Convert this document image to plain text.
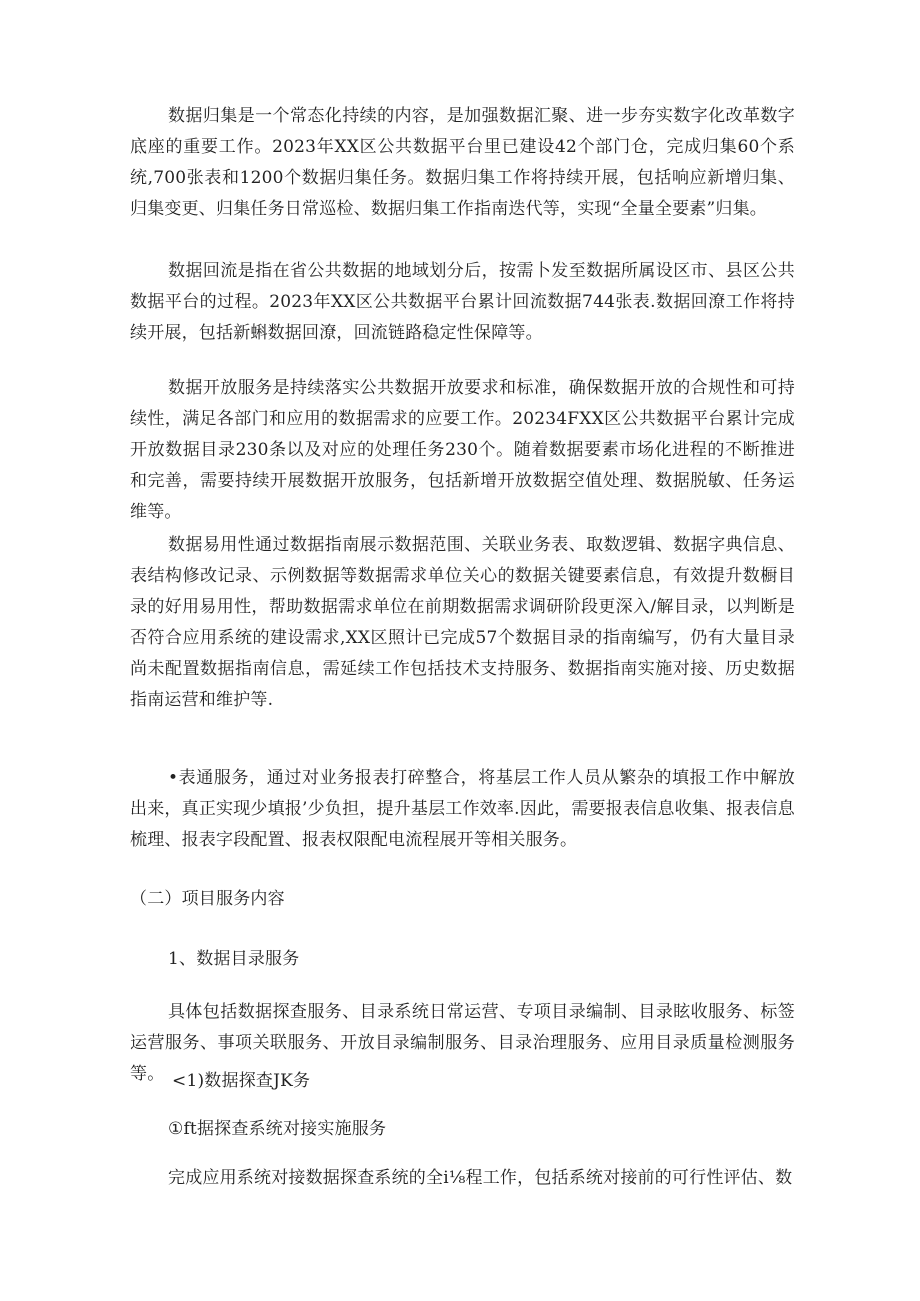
数据归集是一个常态化持续的内容，是加强数据汇聚、进一步夯实数字化改革数字底座的重要工作。2023年XX区公共数据平台里已建设42个部门仓，完成归集60个系统,700张表和1200个数据归集任务。数据归集工作将持续开展，包括响应新增归集、归集变更、归集任务日常巡检、数据归集工作指南迭代等，实现“全量全要素”归集。

数据回流是指在省公共数据的地域划分后，按需卜发至数据所属设区市、县区公共数据平台的过程。2023年XX区公共数据平台累计回流数据744张表.数据回潦工作将持续开展，包括新蝌数据回潦，回流链路稳定性保障等。

数据开放服务是持续落实公共数据开放要求和标准，确保数据开放的合规性和可持续性，满足各部门和应用的数据需求的应要工作。20234FXX区公共数据平台累计完成开放数据目录230条以及对应的处理任务230个。随着数据要素市场化进程的不断推进和完善，需要持续开展数据开放服务，包括新增开放数据空值处理、数据脱敏、任务运维等。

数据易用性通过数据指南展示数据范围、关联业务表、取数逻辑、数据字典信息、表结构修改记录、示例数据等数据需求单位关心的数据关键要素信息，有效提升数橱目录的好用易用性，帮助数据需求单位在前期数据需求调研阶段更深入/解目录，以判断是否符合应用系统的建设需求,XX区照计已完成57个数据目录的指南编写，仍有大量目录尚未配置数据指南信息，需延续工作包括技术支持服务、数据指南实施对接、历史数据指南运营和维护等.

•表通服务，通过对业务报表打碎整合，将基层工作人员从繁杂的填报工作中解放出来，真正实现少填报’少负担，提升基层工作效率.因此，需要报表信息收集、报表信息梳理、报表字段配置、报表权限配电流程展开等相关服务。

（二）项目服务内容

1、数据目录服务

具体包括数据探查服务、目录系统日常运营、专项目录编制、目录眩收服务、标签运营服务、事项关联服务、开放目录编制服务、目录治理服务、应用目录质量检测服务等。 <1)数据探查JK务

①ft据探查系统对接实施服务

完成应用系统对接数据探查系统的全i⅛程工作，包括系统对接前的可行性评估、数
